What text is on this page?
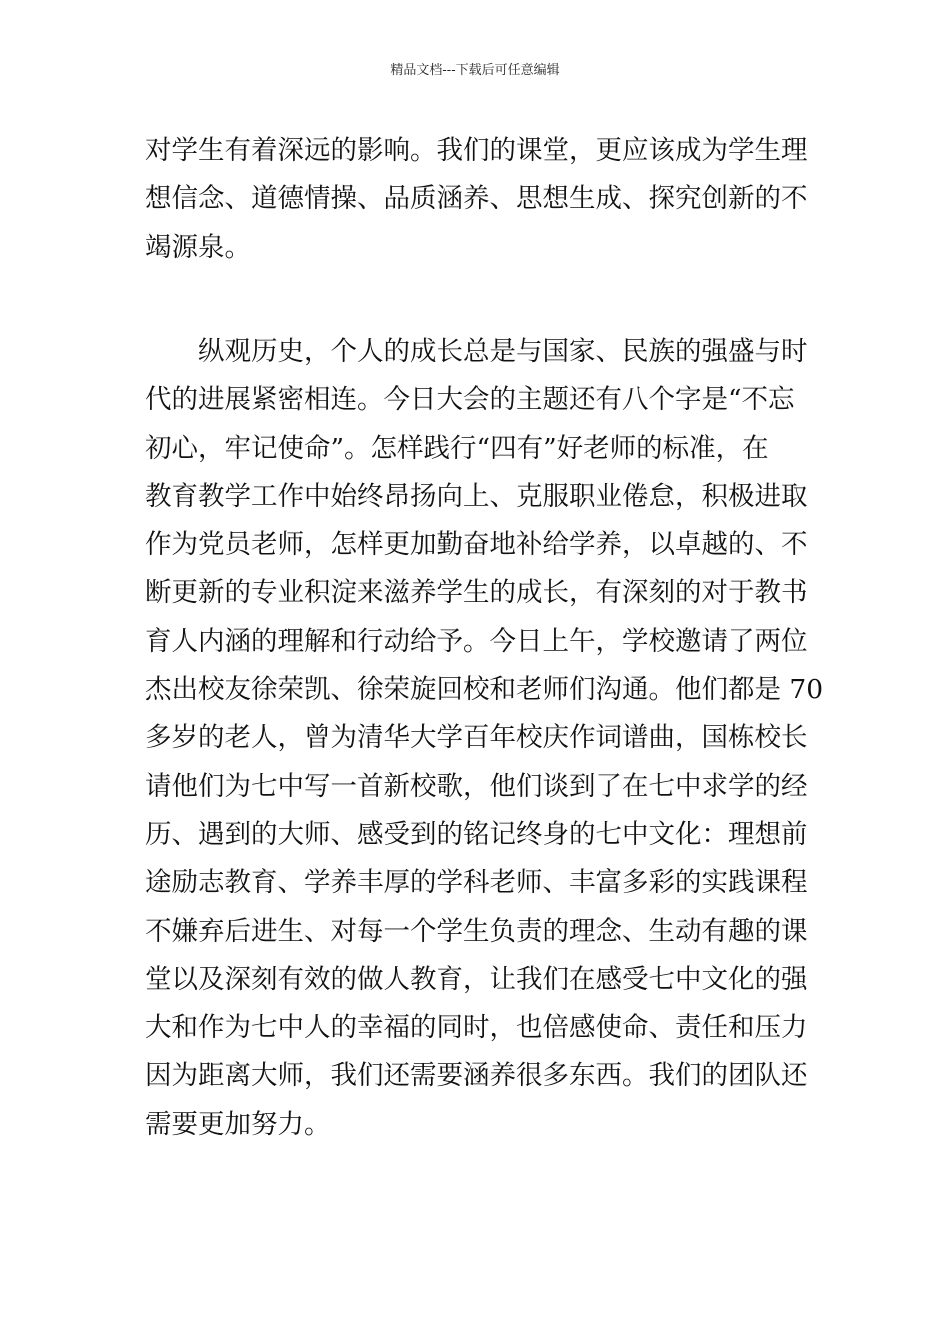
精品文档---下载后可任意编辑

对学生有着深远的影响。我们的课堂，更应该成为学生理
想信念、道德情操、品质涵养、思想生成、探究创新的不
竭源泉。

　　纵观历史，个人的成长总是与国家、民族的强盛与时
代的进展紧密相连。今日大会的主题还有八个字是“不忘
初心，牢记使命”。怎样践行“四有”好老师的标准，在
教育教学工作中始终昂扬向上、克服职业倦怠，积极进取
作为党员老师，怎样更加勤奋地补给学养，以卓越的、不
断更新的专业积淀来滋养学生的成长，有深刻的对于教书
育人内涵的理解和行动给予。今日上午，学校邀请了两位
杰出校友徐荣凯、徐荣旋回校和老师们沟通。他们都是 70
多岁的老人，曾为清华大学百年校庆作词谱曲，国栋校长
请他们为七中写一首新校歌，他们谈到了在七中求学的经
历、遇到的大师、感受到的铭记终身的七中文化：理想前
途励志教育、学养丰厚的学科老师、丰富多彩的实践课程
不嫌弃后进生、对每一个学生负责的理念、生动有趣的课
堂以及深刻有效的做人教育，让我们在感受七中文化的强
大和作为七中人的幸福的同时，也倍感使命、责任和压力
因为距离大师，我们还需要涵养很多东西。我们的团队还
需要更加努力。
